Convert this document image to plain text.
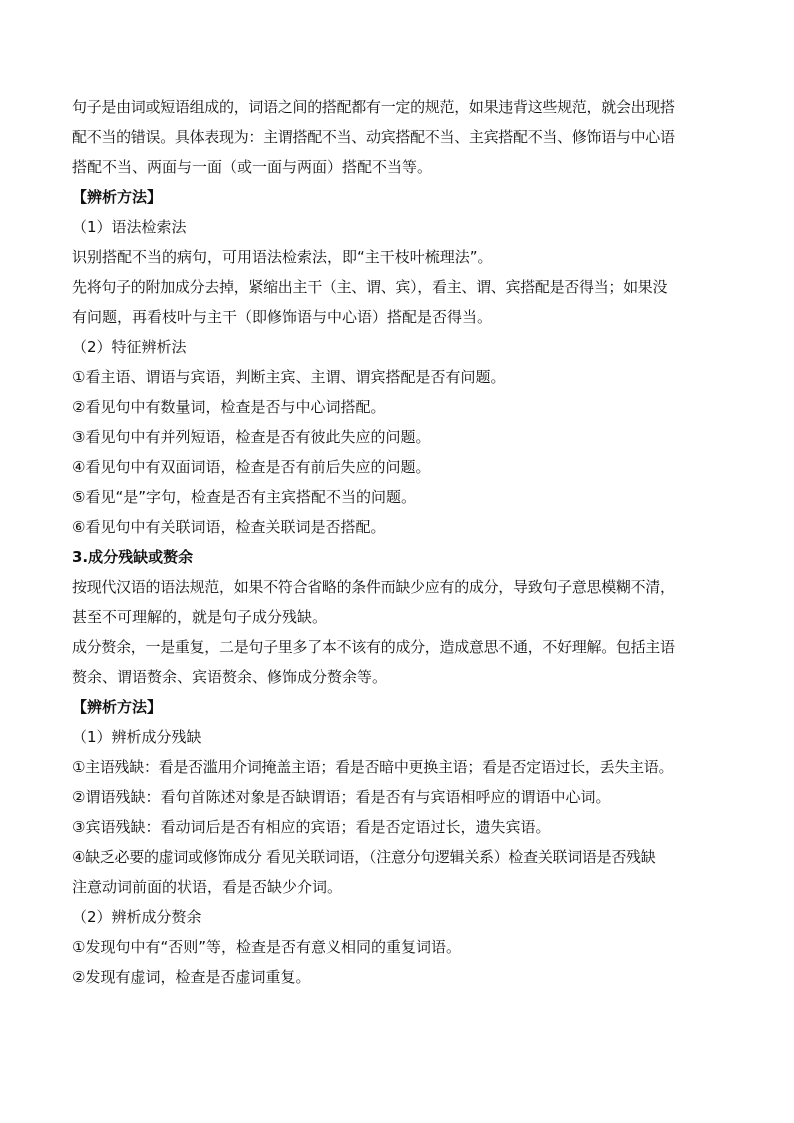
句子是由词或短语组成的，词语之间的搭配都有一定的规范，如果违背这些规范，就会出现搭

配不当的错误。具体表现为：主谓搭配不当、动宾搭配不当、主宾搭配不当、修饰语与中心语

搭配不当、两面与一面（或一面与两面）搭配不当等。

【辨析方法】

（1）语法检索法

识别搭配不当的病句，可用语法检索法，即“主干枝叶梳理法”。

先将句子的附加成分去掉，紧缩出主干（主、谓、宾），看主、谓、宾搭配是否得当；如果没

有问题，再看枝叶与主干（即修饰语与中心语）搭配是否得当。

（2）特征辨析法

①看主语、谓语与宾语，判断主宾、主谓、谓宾搭配是否有问题。

②看见句中有数量词，检查是否与中心词搭配。

③看见句中有并列短语，检查是否有彼此失应的问题。

④看见句中有双面词语，检查是否有前后失应的问题。

⑤看见“是”字句，检查是否有主宾搭配不当的问题。

⑥看见句中有关联词语，检查关联词是否搭配。

3.成分残缺或赘余

按现代汉语的语法规范，如果不符合省略的条件而缺少应有的成分，导致句子意思模糊不清，

甚至不可理解的，就是句子成分残缺。

成分赘余，一是重复，二是句子里多了本不该有的成分，造成意思不通，不好理解。包括主语

赘余、谓语赘余、宾语赘余、修饰成分赘余等。

【辨析方法】

（1）辨析成分残缺

①主语残缺：看是否滥用介词掩盖主语；看是否暗中更换主语；看是否定语过长，丢失主语。

②谓语残缺：看句首陈述对象是否缺谓语；看是否有与宾语相呼应的谓语中心词。

③宾语残缺：看动词后是否有相应的宾语；看是否定语过长，遗失宾语。

④缺乏必要的虚词或修饰成分 看见关联词语，（注意分句逻辑关系）检查关联词语是否残缺

注意动词前面的状语，看是否缺少介词。

（2）辨析成分赘余

①发现句中有“否则”等，检查是否有意义相同的重复词语。

②发现有虚词，检查是否虚词重复。
